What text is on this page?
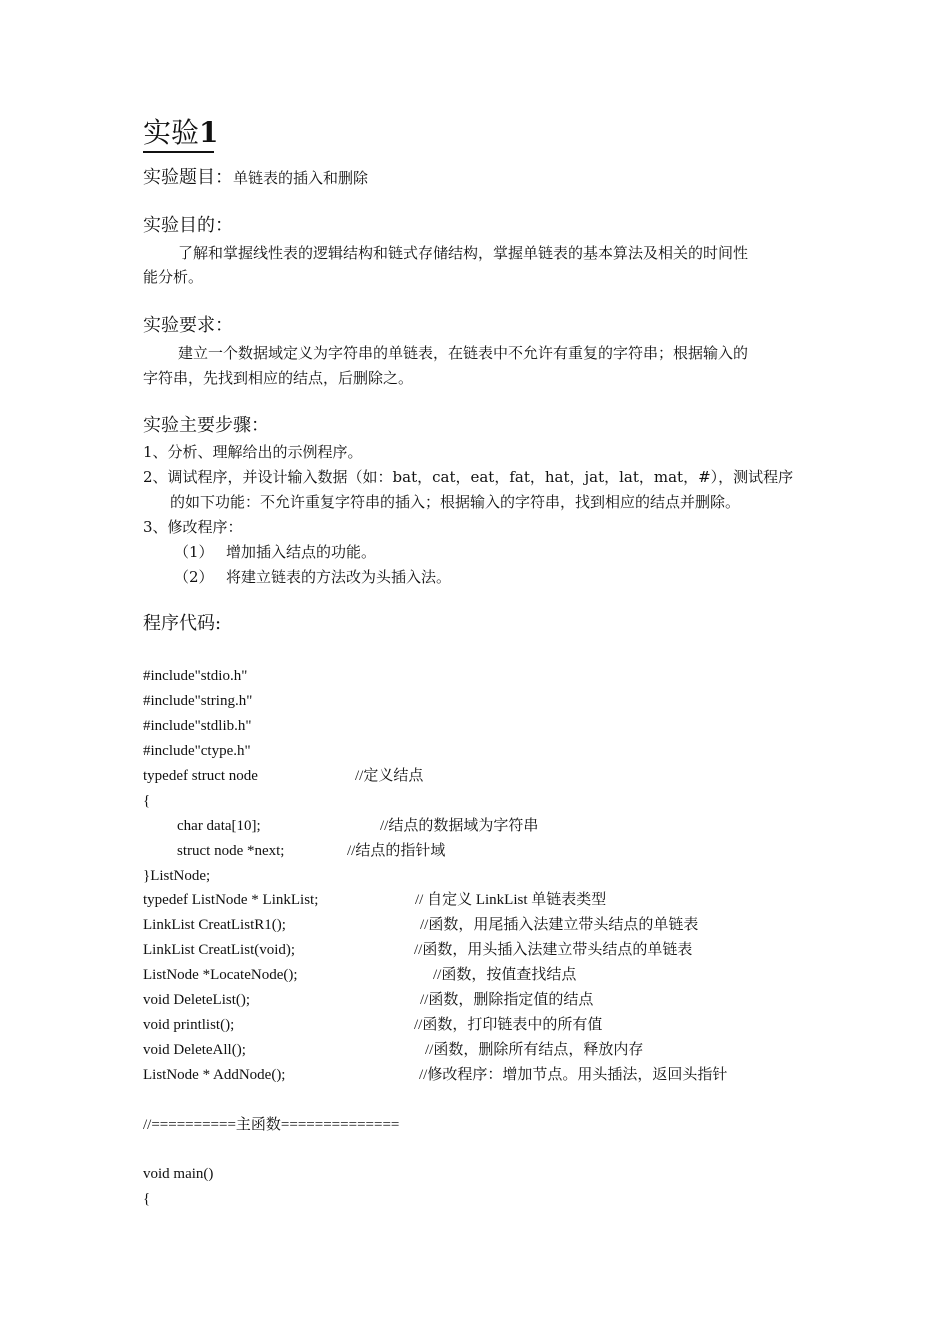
实验1
实验题目：单链表的插入和删除
实验目的：
了解和掌握线性表的逻辑结构和链式存储结构，掌握单链表的基本算法及相关的时间性
能分析。
实验要求：
建立一个数据域定义为字符串的单链表，在链表中不允许有重复的字符串；根据输入的
字符串，先找到相应的结点，后删除之。
实验主要步骤：
1、分析、理解给出的示例程序。
2、调试程序，并设计输入数据（如：bat，cat，eat，fat，hat，jat，lat，mat，#），测试程序
的如下功能：不允许重复字符串的插入；根据输入的字符串，找到相应的结点并删除。
3、修改程序：
（1） 增加插入结点的功能。
（2） 将建立链表的方法改为头插入法。
程序代码:
#include"stdio.h"
#include"string.h"
#include"stdlib.h"
#include"ctype.h"
typedef struct node	//定义结点
{
char data[10];	//结点的数据域为字符串
struct node *next;	//结点的指针域
}ListNode;
typedef ListNode * LinkList;	// 自定义 LinkList 单链表类型
LinkList CreatListR1();	//函数，用尾插入法建立带头结点的单链表
LinkList CreatList(void);	//函数，用头插入法建立带头结点的单链表
ListNode *LocateNode();	//函数，按值查找结点
void DeleteList();	//函数，删除指定值的结点
void printlist();	//函数，打印链表中的所有值
void DeleteAll();	//函数，删除所有结点，释放内存
ListNode * AddNode();	//修改程序：增加节点。用头插法，返回头指针
//==========主函数==============
void main()
{
